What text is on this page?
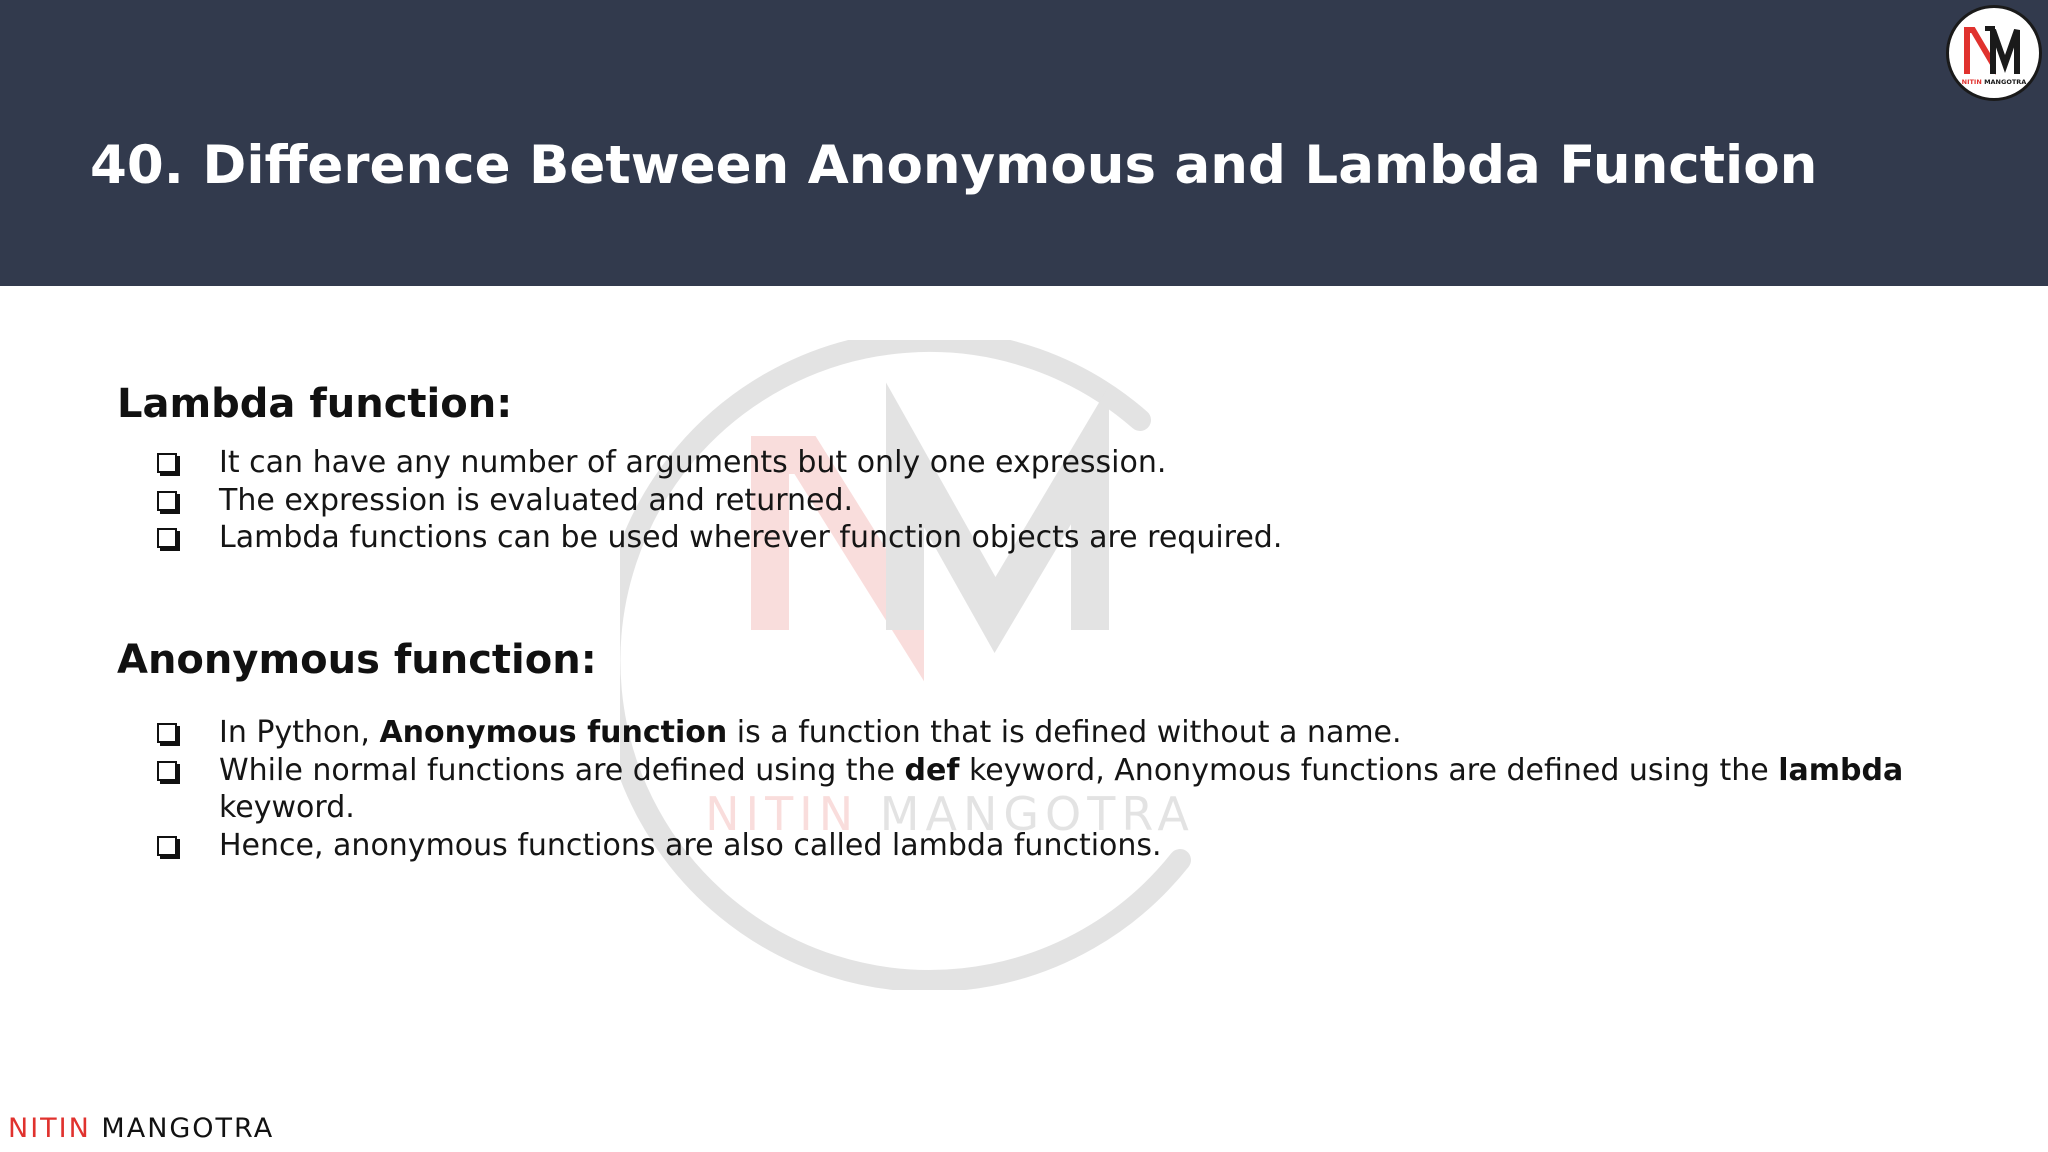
40. Difference Between Anonymous and Lambda Function
NITIN MANGOTRA
NITIN MANGOTRA
Lambda function:
It can have any number of arguments but only one expression.
The expression is evaluated and returned.
Lambda functions can be used wherever function objects are required.
Anonymous function:
In Python, Anonymous function is a function that is defined without a name.
While normal functions are defined using the def keyword, Anonymous functions are defined using the lambda keyword.
Hence, anonymous functions are also called lambda functions.
NITIN MANGOTRA
